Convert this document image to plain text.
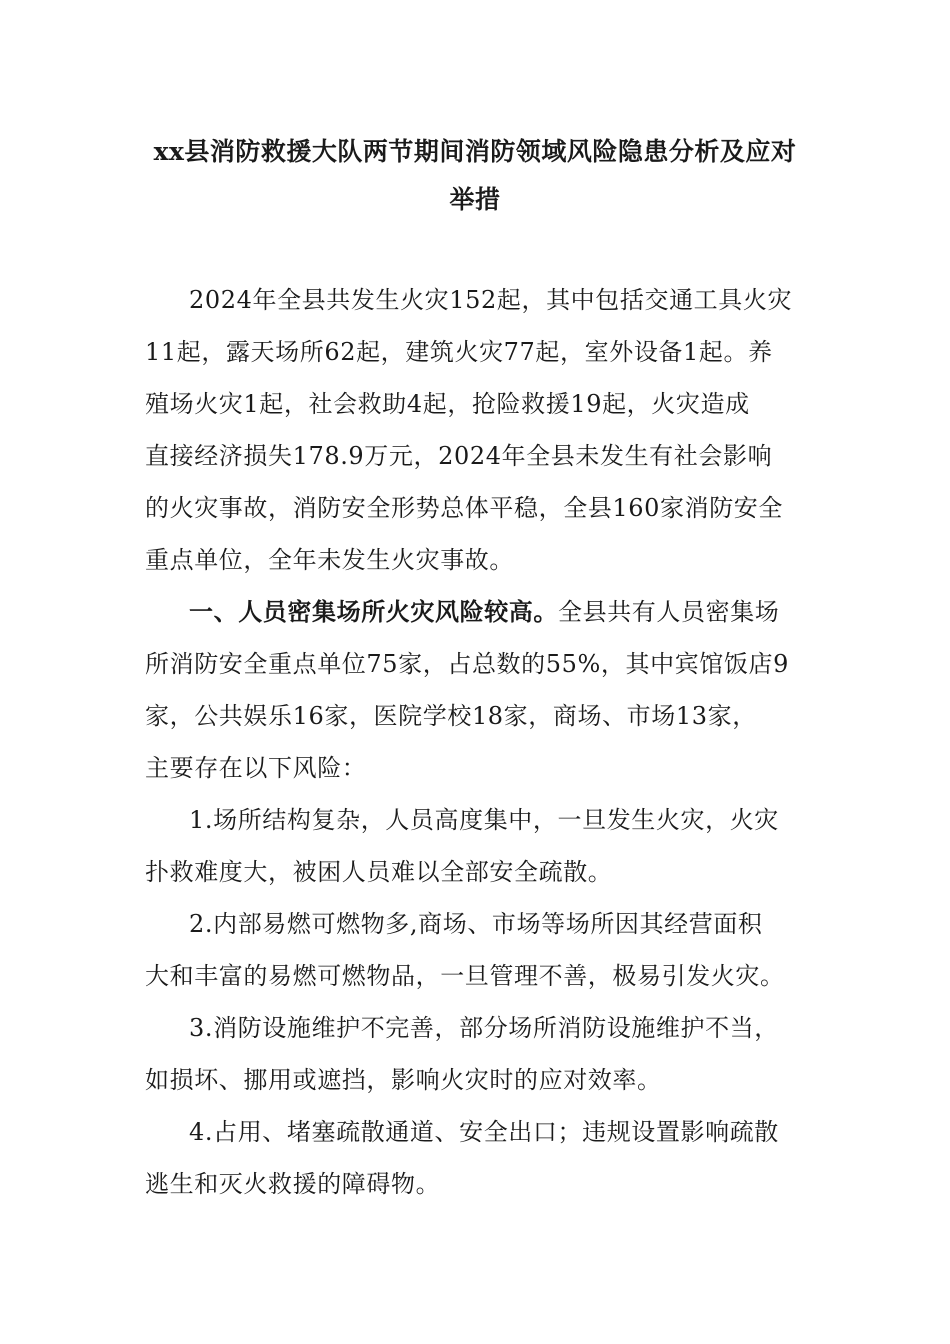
xx县消防救援大队两节期间消防领域风险隐患分析及应对
举措

2024年全县共发生火灾152起，其中包括交通工具火灾
11起，露天场所62起，建筑火灾77起，室外设备1起。养
殖场火灾1起，社会救助4起，抢险救援19起，火灾造成
直接经济损失178.9万元，2024年全县未发生有社会影响
的火灾事故，消防安全形势总体平稳，全县160家消防安全
重点单位，全年未发生火灾事故。

一、人员密集场所火灾风险较高。全县共有人员密集场
所消防安全重点单位75家，占总数的55%，其中宾馆饭店9
家，公共娱乐16家，医院学校18家，商场、市场13家，
主要存在以下风险：

1.场所结构复杂，人员高度集中，一旦发生火灾，火灾
扑救难度大，被困人员难以全部安全疏散。

2.内部易燃可燃物多,商场、市场等场所因其经营面积
大和丰富的易燃可燃物品，一旦管理不善，极易引发火灾。

3.消防设施维护不完善，部分场所消防设施维护不当，
如损坏、挪用或遮挡，影响火灾时的应对效率。

4.占用、堵塞疏散通道、安全出口；违规设置影响疏散
逃生和灭火救援的障碍物。
